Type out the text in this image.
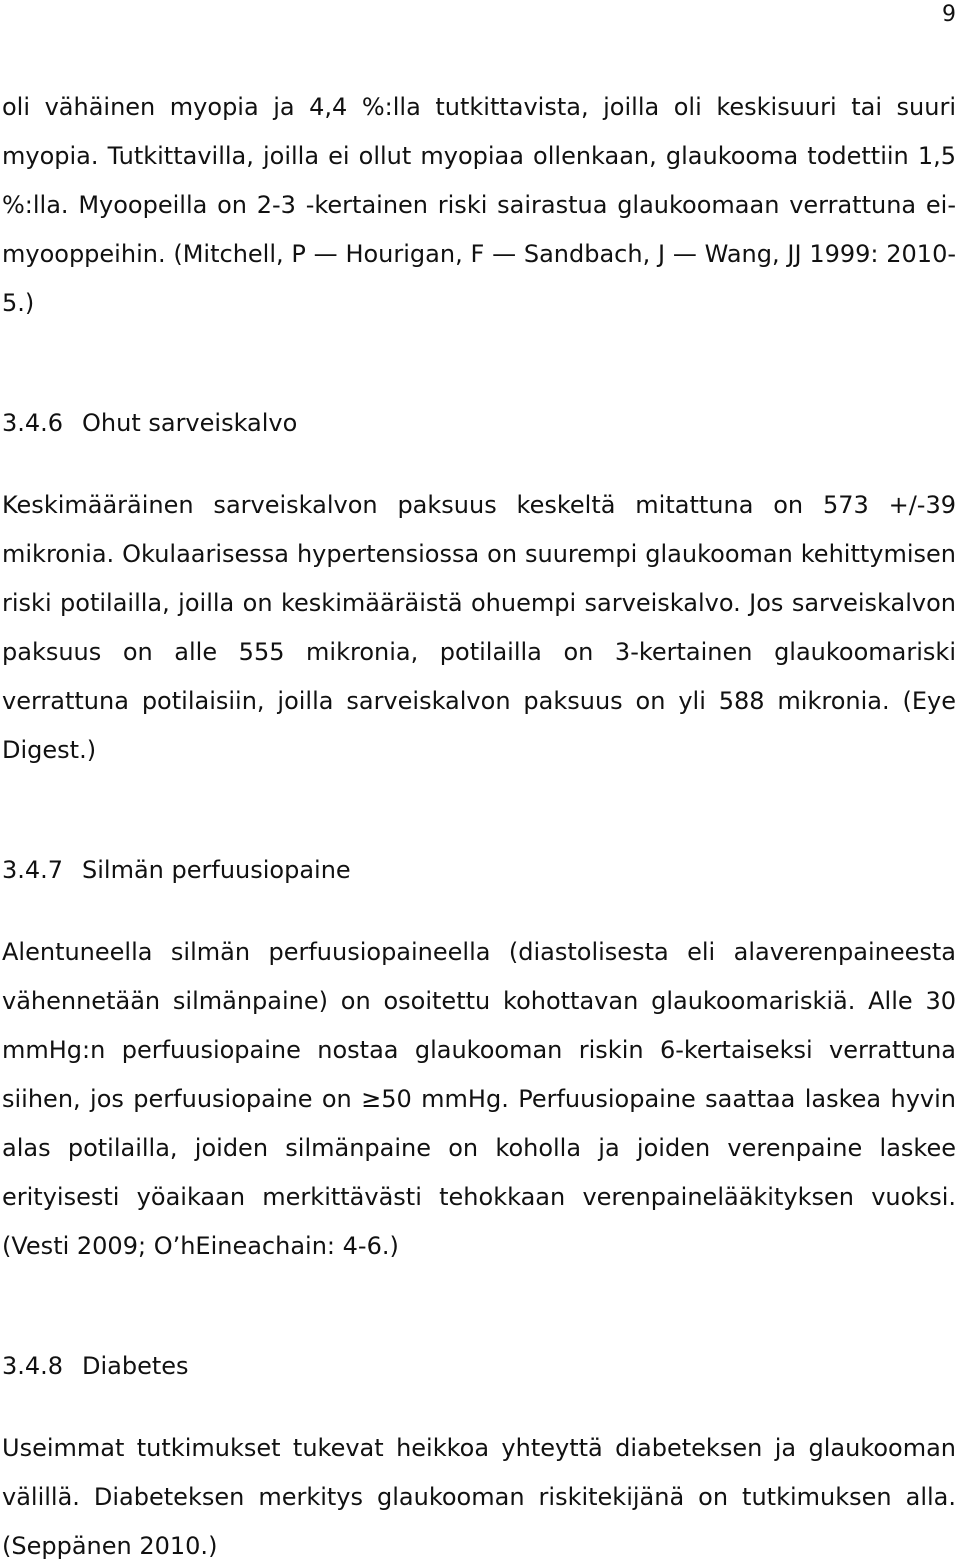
9
oli vähäinen myopia ja 4,4 %:lla tutkittavista, joilla oli keskisuuri tai suuri
myopia. Tutkittavilla, joilla ei ollut myopiaa ollenkaan, glaukooma todettiin 1,5
%:lla. Myoopeilla on 2-3 -kertainen riski sairastua glaukoomaan verrattuna ei-
myooppeihin. (Mitchell, P — Hourigan, F — Sandbach, J — Wang, JJ 1999: 2010-
5.)
3.4.6 Ohut sarveiskalvo
Keskimääräinen sarveiskalvon paksuus keskeltä mitattuna on 573 +/-39
mikronia. Okulaarisessa hypertensiossa on suurempi glaukooman kehittymisen
riski potilailla, joilla on keskimääräistä ohuempi sarveiskalvo. Jos sarveiskalvon
paksuus on alle 555 mikronia, potilailla on 3-kertainen glaukoomariski
verrattuna potilaisiin, joilla sarveiskalvon paksuus on yli 588 mikronia. (Eye
Digest.)
3.4.7 Silmän perfuusiopaine
Alentuneella silmän perfuusiopaineella (diastolisesta eli alaverenpaineesta
vähennetään silmänpaine) on osoitettu kohottavan glaukoomariskiä. Alle 30
mmHg:n perfuusiopaine nostaa glaukooman riskin 6-kertaiseksi verrattuna
siihen, jos perfuusiopaine on ≥50 mmHg. Perfuusiopaine saattaa laskea hyvin
alas potilailla, joiden silmänpaine on koholla ja joiden verenpaine laskee
erityisesti yöaikaan merkittävästi tehokkaan verenpainelääkityksen vuoksi.
(Vesti 2009; O’hEineachain: 4-6.)
3.4.8 Diabetes
Useimmat tutkimukset tukevat heikkoa yhteyttä diabeteksen ja glaukooman
välillä. Diabeteksen merkitys glaukooman riskitekijänä on tutkimuksen alla.
(Seppänen 2010.)
